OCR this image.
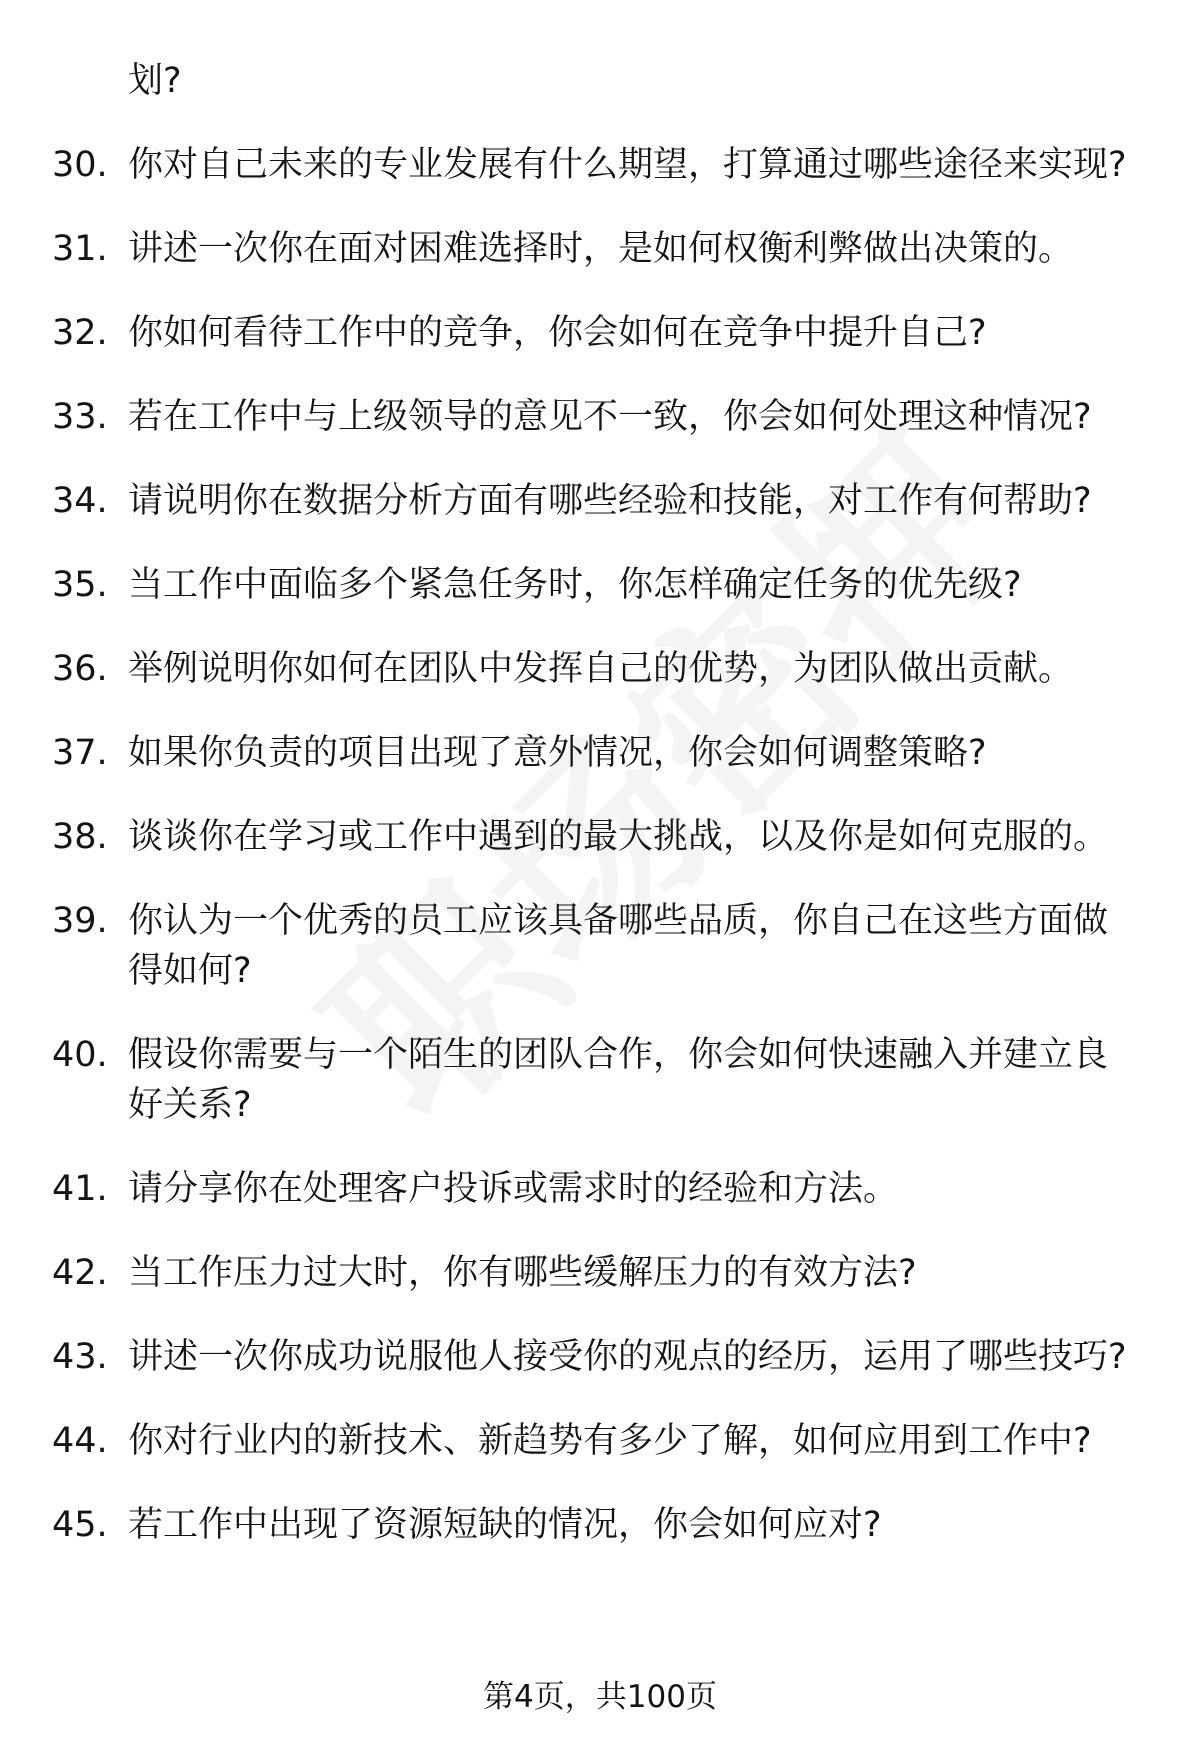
划?
30. 你对自己未来的专业发展有什么期望，打算通过哪些途径来实现?
31. 讲述一次你在面对困难选择时，是如何权衡利弊做出决策的。
32. 你如何看待工作中的竞争，你会如何在竞争中提升自己?
33. 若在工作中与上级领导的意见不一致，你会如何处理这种情况?
34. 请说明你在数据分析方面有哪些经验和技能，对工作有何帮助?
35. 当工作中面临多个紧急任务时，你怎样确定任务的优先级?
36. 举例说明你如何在团队中发挥自己的优势，为团队做出贡献。
37. 如果你负责的项目出现了意外情况，你会如何调整策略?
38. 谈谈你在学习或工作中遇到的最大挑战，以及你是如何克服的。
39. 你认为一个优秀的员工应该具备哪些品质，你自己在这些方面做得如何?
40. 假设你需要与一个陌生的团队合作，你会如何快速融入并建立良好关系?
41. 请分享你在处理客户投诉或需求时的经验和方法。
42. 当工作压力过大时，你有哪些缓解压力的有效方法?
43. 讲述一次你成功说服他人接受你的观点的经历，运用了哪些技巧?
44. 你对行业内的新技术、新趋势有多少了解，如何应用到工作中?
45. 若工作中出现了资源短缺的情况，你会如何应对?
第4页，共100页
